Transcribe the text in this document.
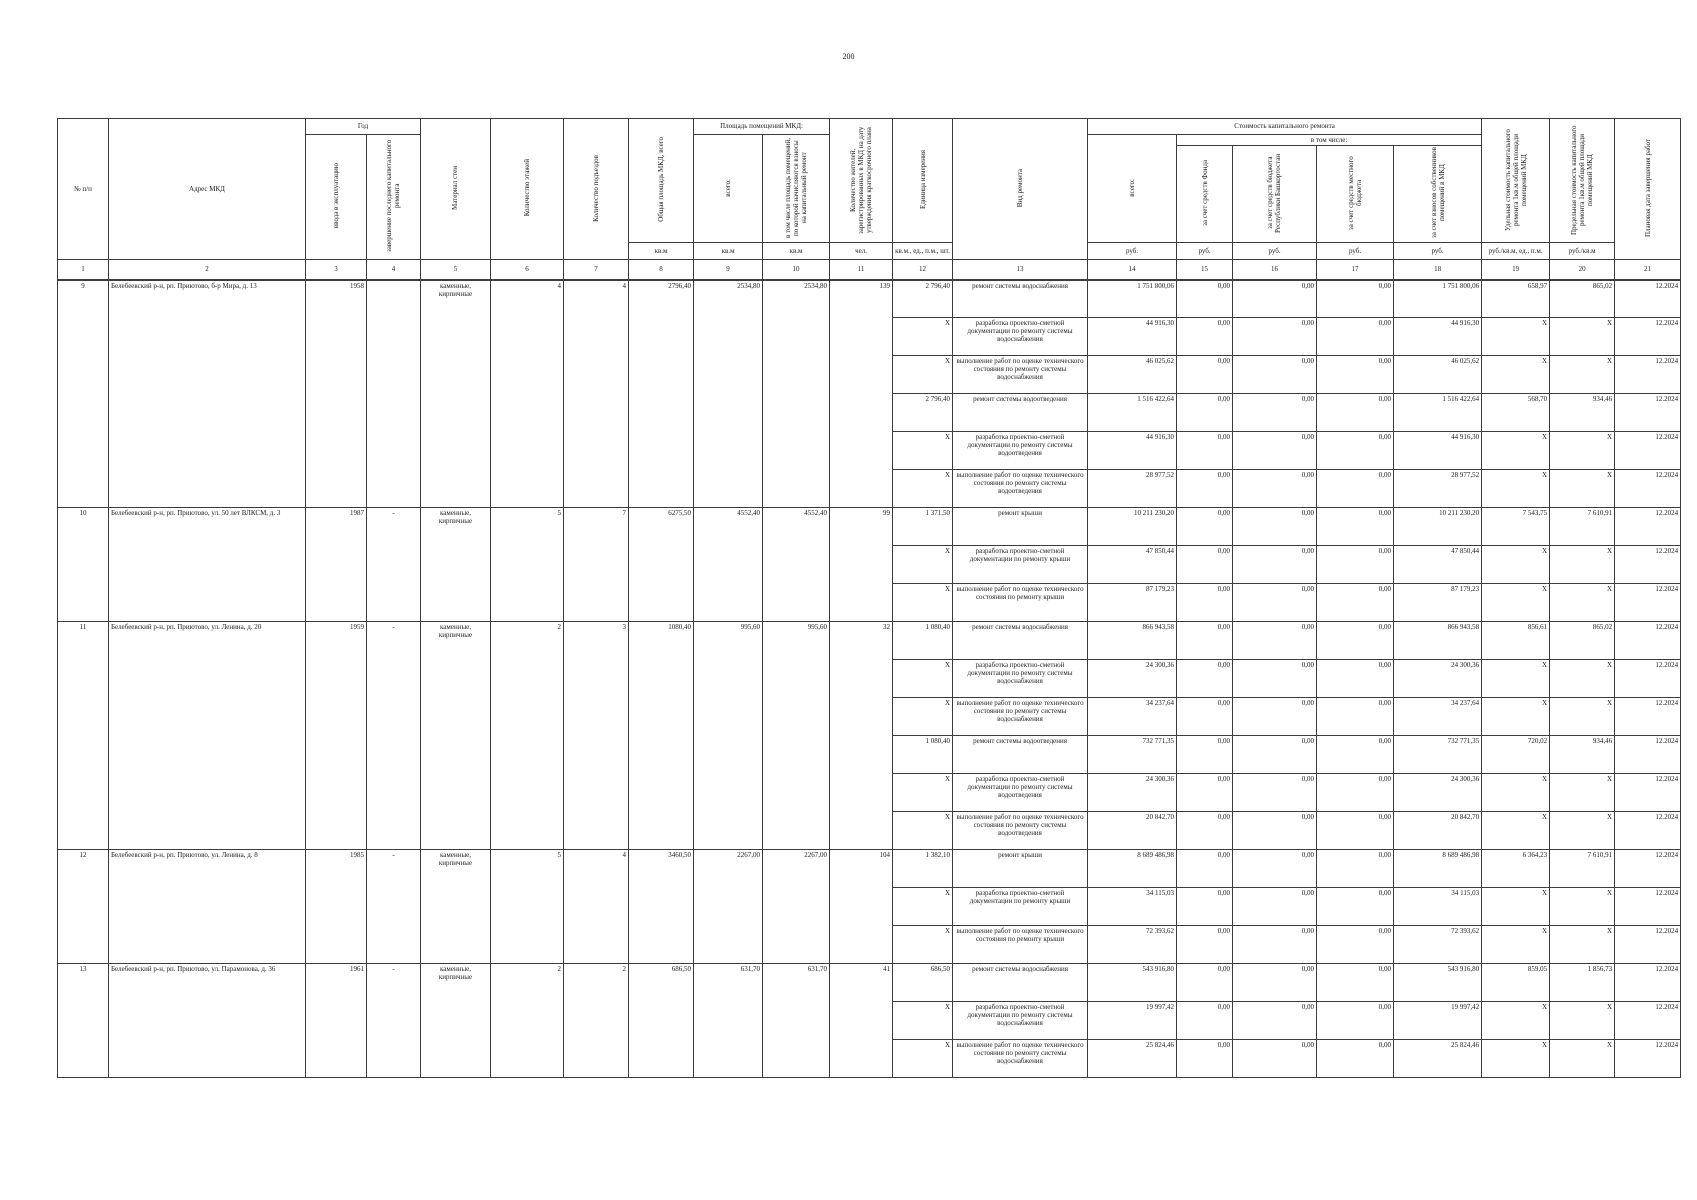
200
№ п/п	Адрес МКД	Год		Материал стен	Количество этажей	Количество подъездов	Общая площадь МКД, всего	Площадь помещений МКД:		Количество жителей, зарегистрированных в МКД на дату утверждения краткосрочного плана	Единица измерения	Вид ремонта	Стоимость капитального ремонта					Удельная стоимость капитального ремонта 1кв.м общей площади помещений МКД	Предельная стоимость капитального ремонта 1кв.м общей площади помещений МКД	Плановая дата завершения работ
		ввода в эксплуатацию	завершение последнего капитального ремонта					всего:	в том числе площадь помещений, по которой начисляются взносы на капитальный ремонт				всего:	в том числе:						
														за счет средств Фонда	за счет средств бюджета Республики Башкортостан	за счет средств местного бюджета	за счет взносов собственников помещений в МКД			
							кв.м	кв.м	кв.м	чел.	кв.м., ед., п.м., шт.		руб.	руб.	руб.	руб.	руб.	руб./кв.м, ед., п.м.	руб./кв.м	
1	2	3	4	5	6	7	8	9	10	11	12	13	14	15	16	17	18	19	20	21
9	Белебеевский р-н, рп. Приютово, б-р Мира, д. 13	1958		каменные, кирпичные	4	4	2796,40	2534,80	2534,80	139	2 796,40	ремонт системы водоснабжения	1 751 800,06	0,00	0,00	0,00	1 751 800,06	658,97	865,02	12.2024
											X	разработка проектно-сметной документации по ремонту системы водоснабжения	44 916,30	0,00	0,00	0,00	44 916,30	X	X	12.2024
											X	выполнение работ по оценке технического состояния по ремонту системы водоснабжения	46 025,62	0,00	0,00	0,00	46 025,62	X	X	12.2024
											2 796,40	ремонт системы водоотведения	1 516 422,64	0,00	0,00	0,00	1 516 422,64	568,70	934,46	12.2024
											X	разработка проектно-сметной документации по ремонту системы водоотведения	44 916,30	0,00	0,00	0,00	44 916,30	X	X	12.2024
											X	выполнение работ по оценке технического состояния по ремонту системы водоотведения	28 977,52	0,00	0,00	0,00	28 977,52	X	X	12.2024
10	Белебеевский р-н, рп. Приютово, ул. 50 лет ВЛКСМ, д. 3	1987	-	каменные, кирпичные	5	7	6275,50	4552,40	4552,40	99	1 371,50	ремонт крыши	10 211 230,20	0,00	0,00	0,00	10 211 230,20	7 543,75	7 610,91	12.2024
											X	разработка проектно-сметной документации по ремонту крыши	47 850,44	0,00	0,00	0,00	47 850,44	X	X	12.2024
											X	выполнение работ по оценке технического состояния по ремонту крыши	87 179,23	0,00	0,00	0,00	87 179,23	X	X	12.2024
11	Белебеевский р-н, рп. Приютово, ул. Ленина, д. 20	1959	-	каменные, кирпичные	2	3	1080,40	995,60	995,60	32	1 080,40	ремонт системы водоснабжения	866 943,58	0,00	0,00	0,00	866 943,58	856,61	865,02	12.2024
											X	разработка проектно-сметной документации по ремонту системы водоснабжения	24 300,36	0,00	0,00	0,00	24 300,36	X	X	12.2024
											X	выполнение работ по оценке технического состояния по ремонту системы водоснабжения	34 237,64	0,00	0,00	0,00	34 237,64	X	X	12.2024
											1 080,40	ремонт системы водоотведения	732 771,35	0,00	0,00	0,00	732 771,35	720,02	934,46	12.2024
											X	разработка проектно-сметной документации по ремонту системы водоотведения	24 300,36	0,00	0,00	0,00	24 300,36	X	X	12.2024
											X	выполнение работ по оценке технического состояния по ремонту системы водоотведения	20 842,70	0,00	0,00	0,00	20 842,70	X	X	12.2024
12	Белебеевский р-н, рп. Приютово, ул. Ленина, д. 8	1985	-	каменные, кирпичные	5	4	3460,50	2267,00	2267,00	104	1 382,10	ремонт крыши	8 689 486,98	0,00	0,00	0,00	8 689 486,98	6 364,23	7 610,91	12.2024
											X	разработка проектно-сметной документации по ремонту крыши	34 115,03	0,00	0,00	0,00	34 115,03	X	X	12.2024
											X	выполнение работ по оценке технического состояния по ремонту крыши	72 393,62	0,00	0,00	0,00	72 393,62	X	X	12.2024
13	Белебеевский р-н, рп. Приютово, ул. Парамонова, д. 36	1961	-	каменные, кирпичные	2	2	686,50	631,70	631,70	41	686,50	ремонт системы водоснабжения	543 916,80	0,00	0,00	0,00	543 916,80	859,05	1 856,73	12.2024
											X	разработка проектно-сметной документации по ремонту системы водоснабжения	19 997,42	0,00	0,00	0,00	19 997,42	X	X	12.2024
											X	выполнение работ по оценке технического состояния по ремонту системы водоснабжения	25 824,46	0,00	0,00	0,00	25 824,46	X	X	12.2024
